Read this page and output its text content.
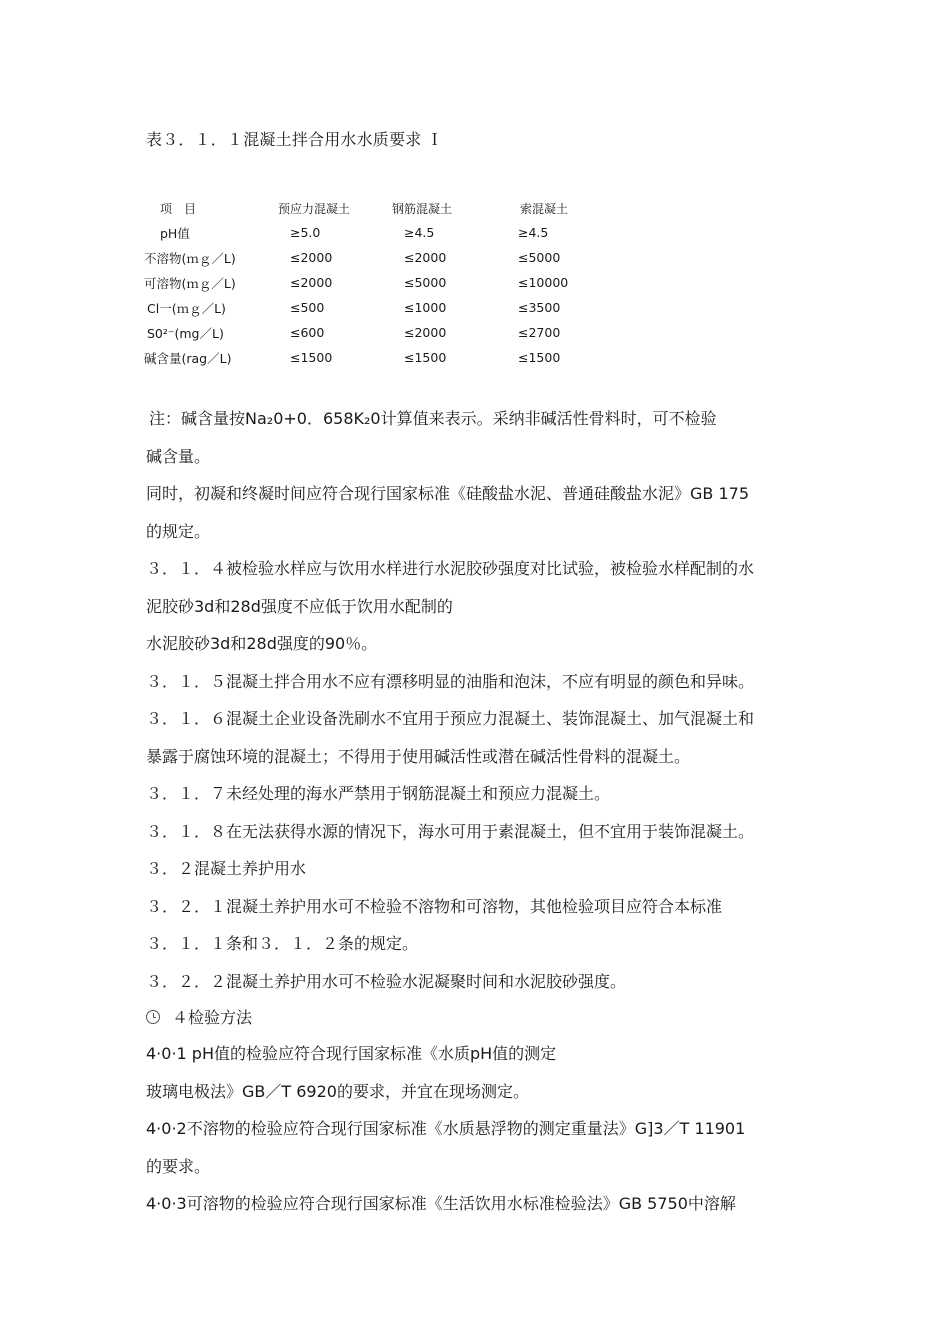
表３．１．１混凝土拌合用水水质要求 Ｉ
项　目	预应力混凝土	钢筋混凝土	索混凝土
pH值	≥5.0	≥4.5	≥4.5
不溶物(ｍｇ／L)	≤2000	≤2000	≤5000
可溶物(ｍｇ／L)	≤2000	≤5000	≤10000
Cl一(ｍｇ／L)	≤500	≤1000	≤3500
S0²⁻(mg／L)	≤600	≤2000	≤2700
碱含量(rag／L)	≤1500	≤1500	≤1500
注：碱含量按Na₂0+0．658K₂0计算值来表示。采纳非碱活性骨料时，可不检验
碱含量。
同时，初凝和终凝时间应符合现行国家标准《硅酸盐水泥、普通硅酸盐水泥》GB 175
的规定。
３．１．４被检验水样应与饮用水样进行水泥胶砂强度对比试验，被检验水样配制的水
泥胶砂3d和28d强度不应低于饮用水配制的
水泥胶砂3d和28d强度的90％。
３．１．５混凝土拌合用水不应有漂移明显的油脂和泡沫，不应有明显的颜色和异味。
３．１．６混凝土企业设备洗刷水不宜用于预应力混凝土、装饰混凝土、加气混凝土和
暴露于腐蚀环境的混凝土；不得用于使用碱活性或潜在碱活性骨料的混凝土。
３．１．７未经处理的海水严禁用于钢筋混凝土和预应力混凝土。
３．１．８在无法获得水源的情况下，海水可用于素混凝土，但不宜用于装饰混凝土。
３．２混凝土养护用水
３．２．１混凝土养护用水可不检验不溶物和可溶物，其他检验项目应符合本标准
３．１．１条和３．１．２条的规定。
３．２．２混凝土养护用水可不检验水泥凝聚时间和水泥胶砂强度。
４检验方法
4·0·1 pH值的检验应符合现行国家标准《水质pH值的测定
玻璃电极法》GB／T 6920的要求，并宜在现场测定。
4·0·2不溶物的检验应符合现行国家标准《水质悬浮物的测定重量法》G]3／T 11901
的要求。
4·0·3可溶物的检验应符合现行国家标准《生活饮用水标准检验法》GB 5750中溶解
